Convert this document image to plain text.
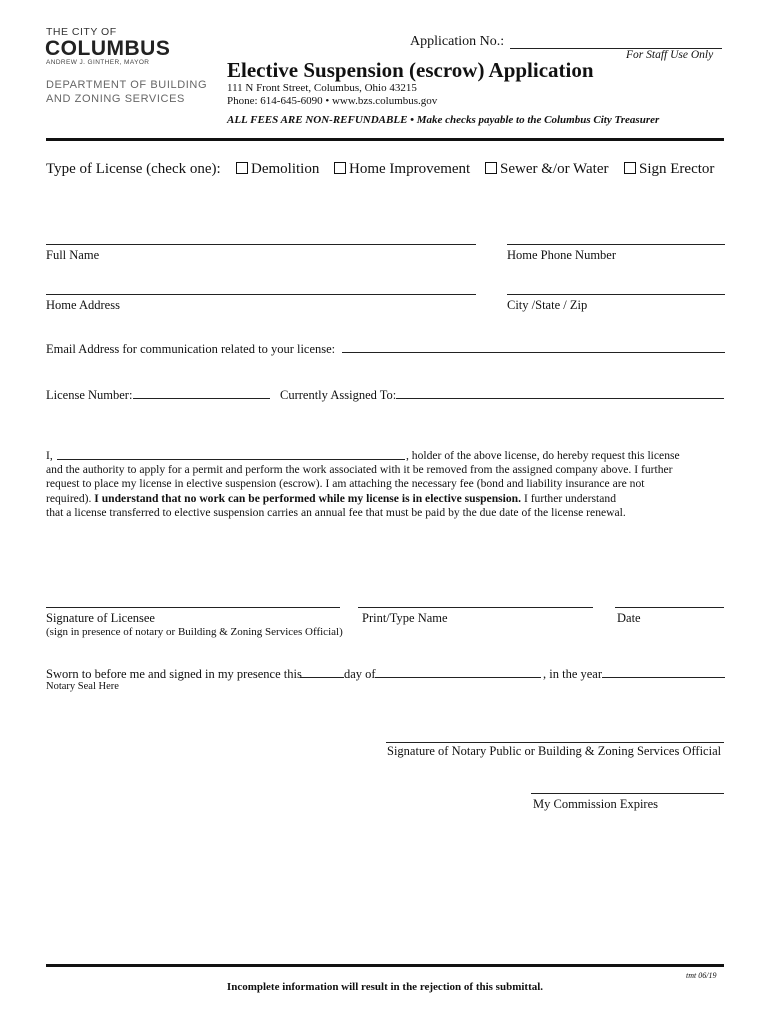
THE CITY OF
COLUMBUS
ANDREW J. GINTHER, MAYOR
DEPARTMENT OF BUILDING
AND ZONING SERVICES
Application No.:
For Staff Use Only
Elective Suspension (escrow) Application
111 N Front Street, Columbus, Ohio 43215
Phone: 614-645-6090 • www.bzs.columbus.gov
ALL FEES ARE NON-REFUNDABLE • Make checks payable to the Columbus City Treasurer
Type of License (check one):	Demolition	Home Improvement	Sewer &/or Water	Sign Erector
Full Name	Home Phone Number
Home Address	City /State / Zip
Email Address for communication related to your license:
License Number:	Currently Assigned To:
I,	, holder of the above license, do hereby request this license
and the authority to apply for a permit and perform the work associated with it be removed from the assigned company above. I further
request to place my license in elective suspension (escrow). I am attaching the necessary fee (bond and liability insurance are not
required). I understand that no work can be performed while my license is in elective suspension. I further understand
that a license transferred to elective suspension carries an annual fee that must be paid by the due date of the license renewal.
Signature of Licensee
(sign in presence of notary or Building & Zoning Services Official)
Print/Type Name	Date
Sworn to before me and signed in my presence this	day of	, in the year
Notary Seal Here
Signature of Notary Public or Building & Zoning Services Official
My Commission Expires
tmt 06/19
Incomplete information will result in the rejection of this submittal.
